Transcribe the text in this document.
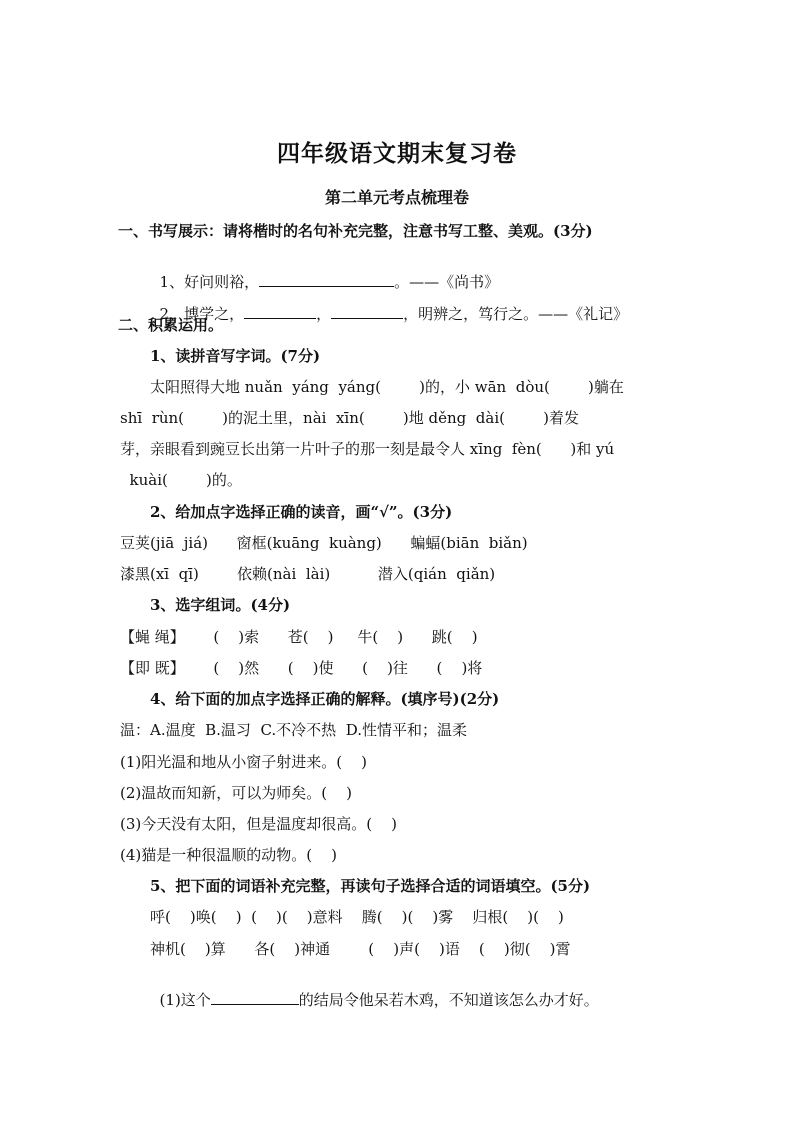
四年级语文期末复习卷
第二单元考点梳理卷
一、书写展示：请将楷时的名句补充完整，注意书写工整、美观。(3分)

1、好问则裕，	。——《尚书》

2、博学之，	，	，明辨之，笃行之。——《礼记》

二、积累运用。
1、读拼音写字词。(7分)
太阳照得大地 nuǎn  yáng  yáng(        )的，小 wān  dòu(        )躺在
shī  rùn(        )的泥土里，nài  xīn(        )地 děng  dài(        )着发
芽，亲眼看到豌豆长出第一片叶子的那一刻是最令人 xīng  fèn(      )和 yú
kuài(        )的。
2、给加点字选择正确的读音，画“√”。(3分)
豆荚(jiā  jiá)      窗框(kuāng  kuàng)      蝙蝠(biān  biǎn)
漆黑(xī  qī)        依赖(nài  lài)          潜入(qián  qiǎn)
3、选字组词。(4分)
【蝇 绳】      (    )索      苍(    )     牛(    )      跳(    )
【即 既】      (    )然      (    )使      (    )往      (    )将
4、给下面的加点字选择正确的解释。(填序号)(2分)
温：A.温度  B.温习  C.不冷不热  D.性情平和；温柔
(1)阳光温和地从小窗子射进来。(    )
(2)温故而知新，可以为师矣。(    )
(3)今天没有太阳，但是温度却很高。(    )
(4)猫是一种很温顺的动物。(    )
5、把下面的词语补充完整，再读句子选择合适的词语填空。(5分)
呼(    )唤(    )  (    )(    )意料    腾(    )(    )雾    归根(    )(    )
神机(    )算      各(    )神通        (    )声(    )语    (    )彻(    )霄

(1)这个	的结局令他呆若木鸡，不知道该怎么办才好。
